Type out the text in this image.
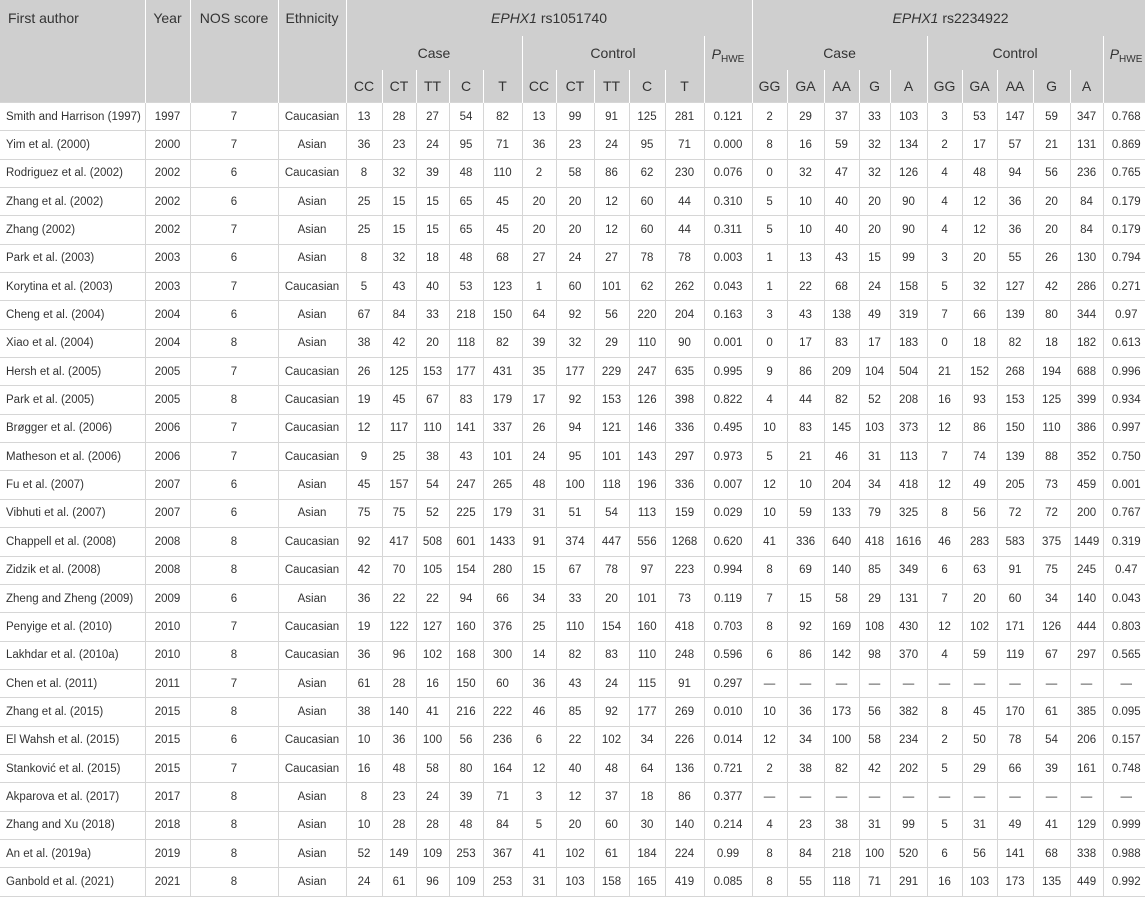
First author	Year	NOS score	Ethnicity	EPHX1 rs1051740											EPHX1 rs2234922										
				Case					Control					$P_{HWE}$	Case					Control					$P_{HWE}$
				CC	CT	TT	C	T	CC	CT	TT	C	T		GG	GA	AA	G	A	GG	GA	AA	G	A	
Smith and Harrison (1997)	1997	7	Caucasian	13	28	27	54	82	13	99	91	125	281	0.121	2	29	37	33	103	3	53	147	59	347	0.768
Yim et al. (2000)	2000	7	Asian	36	23	24	95	71	36	23	24	95	71	0.000	8	16	59	32	134	2	17	57	21	131	0.869
Rodriguez et al. (2002)	2002	6	Caucasian	8	32	39	48	110	2	58	86	62	230	0.076	0	32	47	32	126	4	48	94	56	236	0.765
Zhang et al. (2002)	2002	6	Asian	25	15	15	65	45	20	20	12	60	44	0.310	5	10	40	20	90	4	12	36	20	84	0.179
Zhang (2002)	2002	7	Asian	25	15	15	65	45	20	20	12	60	44	0.311	5	10	40	20	90	4	12	36	20	84	0.179
Park et al. (2003)	2003	6	Asian	8	32	18	48	68	27	24	27	78	78	0.003	1	13	43	15	99	3	20	55	26	130	0.794
Korytina et al. (2003)	2003	7	Caucasian	5	43	40	53	123	1	60	101	62	262	0.043	1	22	68	24	158	5	32	127	42	286	0.271
Cheng et al. (2004)	2004	6	Asian	67	84	33	218	150	64	92	56	220	204	0.163	3	43	138	49	319	7	66	139	80	344	0.97
Xiao et al. (2004)	2004	8	Asian	38	42	20	118	82	39	32	29	110	90	0.001	0	17	83	17	183	0	18	82	18	182	0.613
Hersh et al. (2005)	2005	7	Caucasian	26	125	153	177	431	35	177	229	247	635	0.995	9	86	209	104	504	21	152	268	194	688	0.996
Park et al. (2005)	2005	8	Caucasian	19	45	67	83	179	17	92	153	126	398	0.822	4	44	82	52	208	16	93	153	125	399	0.934
Brøgger et al. (2006)	2006	7	Caucasian	12	117	110	141	337	26	94	121	146	336	0.495	10	83	145	103	373	12	86	150	110	386	0.997
Matheson et al. (2006)	2006	7	Caucasian	9	25	38	43	101	24	95	101	143	297	0.973	5	21	46	31	113	7	74	139	88	352	0.750
Fu et al. (2007)	2007	6	Asian	45	157	54	247	265	48	100	118	196	336	0.007	12	10	204	34	418	12	49	205	73	459	0.001
Vibhuti et al. (2007)	2007	6	Asian	75	75	52	225	179	31	51	54	113	159	0.029	10	59	133	79	325	8	56	72	72	200	0.767
Chappell et al. (2008)	2008	8	Caucasian	92	417	508	601	1433	91	374	447	556	1268	0.620	41	336	640	418	1616	46	283	583	375	1449	0.319
Zidzik et al. (2008)	2008	8	Caucasian	42	70	105	154	280	15	67	78	97	223	0.994	8	69	140	85	349	6	63	91	75	245	0.47
Zheng and Zheng (2009)	2009	6	Asian	36	22	22	94	66	34	33	20	101	73	0.119	7	15	58	29	131	7	20	60	34	140	0.043
Penyige et al. (2010)	2010	7	Caucasian	19	122	127	160	376	25	110	154	160	418	0.703	8	92	169	108	430	12	102	171	126	444	0.803
Lakhdar et al. (2010a)	2010	8	Caucasian	36	96	102	168	300	14	82	83	110	248	0.596	6	86	142	98	370	4	59	119	67	297	0.565
Chen et al. (2011)	2011	7	Asian	61	28	16	150	60	36	43	24	115	91	0.297	—	—	—	—	—	—	—	—	—	—	—
Zhang et al. (2015)	2015	8	Asian	38	140	41	216	222	46	85	92	177	269	0.010	10	36	173	56	382	8	45	170	61	385	0.095
El Wahsh et al. (2015)	2015	6	Caucasian	10	36	100	56	236	6	22	102	34	226	0.014	12	34	100	58	234	2	50	78	54	206	0.157
Stanković et al. (2015)	2015	7	Caucasian	16	48	58	80	164	12	40	48	64	136	0.721	2	38	82	42	202	5	29	66	39	161	0.748
Akparova et al. (2017)	2017	8	Asian	8	23	24	39	71	3	12	37	18	86	0.377	—	—	—	—	—	—	—	—	—	—	—
Zhang and Xu (2018)	2018	8	Asian	10	28	28	48	84	5	20	60	30	140	0.214	4	23	38	31	99	5	31	49	41	129	0.999
An et al. (2019a)	2019	8	Asian	52	149	109	253	367	41	102	61	184	224	0.99	8	84	218	100	520	6	56	141	68	338	0.988
Ganbold et al. (2021)	2021	8	Asian	24	61	96	109	253	31	103	158	165	419	0.085	8	55	118	71	291	16	103	173	135	449	0.992
